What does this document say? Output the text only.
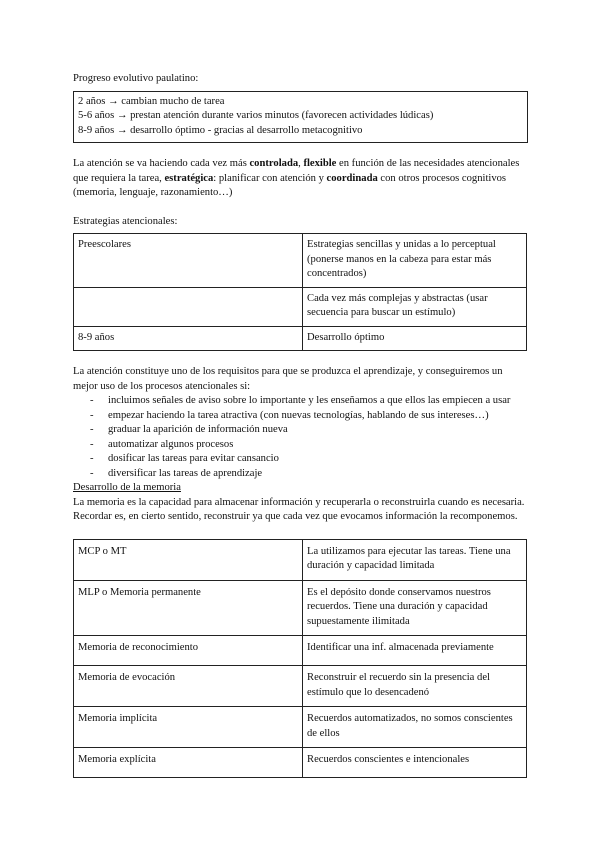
Progreso evolutivo paulatino:

2 años → cambian mucho de tarea

5-6 años → prestan atención durante varios minutos (favorecen actividades lúdicas)

8-9 años → desarrollo óptimo - gracias al desarrollo metacognitivo

La atención se va haciendo cada vez más controlada, flexible en función de las necesidades atencionales que requiera la tarea, estratégica: planificar con atención y coordinada con otros procesos cognitivos (memoria, lenguaje, razonamiento…)

Estrategias atencionales:

Preescolares	Estrategias sencillas y unidas a lo perceptual (ponerse manos en la cabeza para estar más concentrados)
	Cada vez más complejas y abstractas (usar secuencia para buscar un estímulo)
8-9 años	Desarrollo óptimo

La atención constituye uno de los requisitos para que se produzca el aprendizaje, y conseguiremos un mejor uso de los procesos atencionales si:

- incluimos señales de aviso sobre lo importante y les enseñamos a que ellos las empiecen a usar
- empezar haciendo la tarea atractiva (con nuevas tecnologías, hablando de sus intereses…)
- graduar la aparición de información nueva
- automatizar algunos procesos
- dosificar las tareas para evitar cansancio
- diversificar las tareas de aprendizaje

Desarrollo de la memoria

La memoria es la capacidad para almacenar información y recuperarla o reconstruirla cuando es necesaria. Recordar es, en cierto sentido, reconstruir ya que cada vez que evocamos información la recomponemos.

MCP o MT	La utilizamos para ejecutar las tareas. Tiene una duración y capacidad limitada
MLP o Memoria permanente	Es el depósito donde conservamos nuestros recuerdos. Tiene una duración y capacidad supuestamente ilimitada
Memoria de reconocimiento	Identificar una inf. almacenada previamente
Memoria de evocación	Reconstruir el recuerdo sin la presencia del estímulo que lo desencadenó
Memoria implícita	Recuerdos automatizados, no somos conscientes de ellos
Memoria explícita	Recuerdos conscientes e intencionales
